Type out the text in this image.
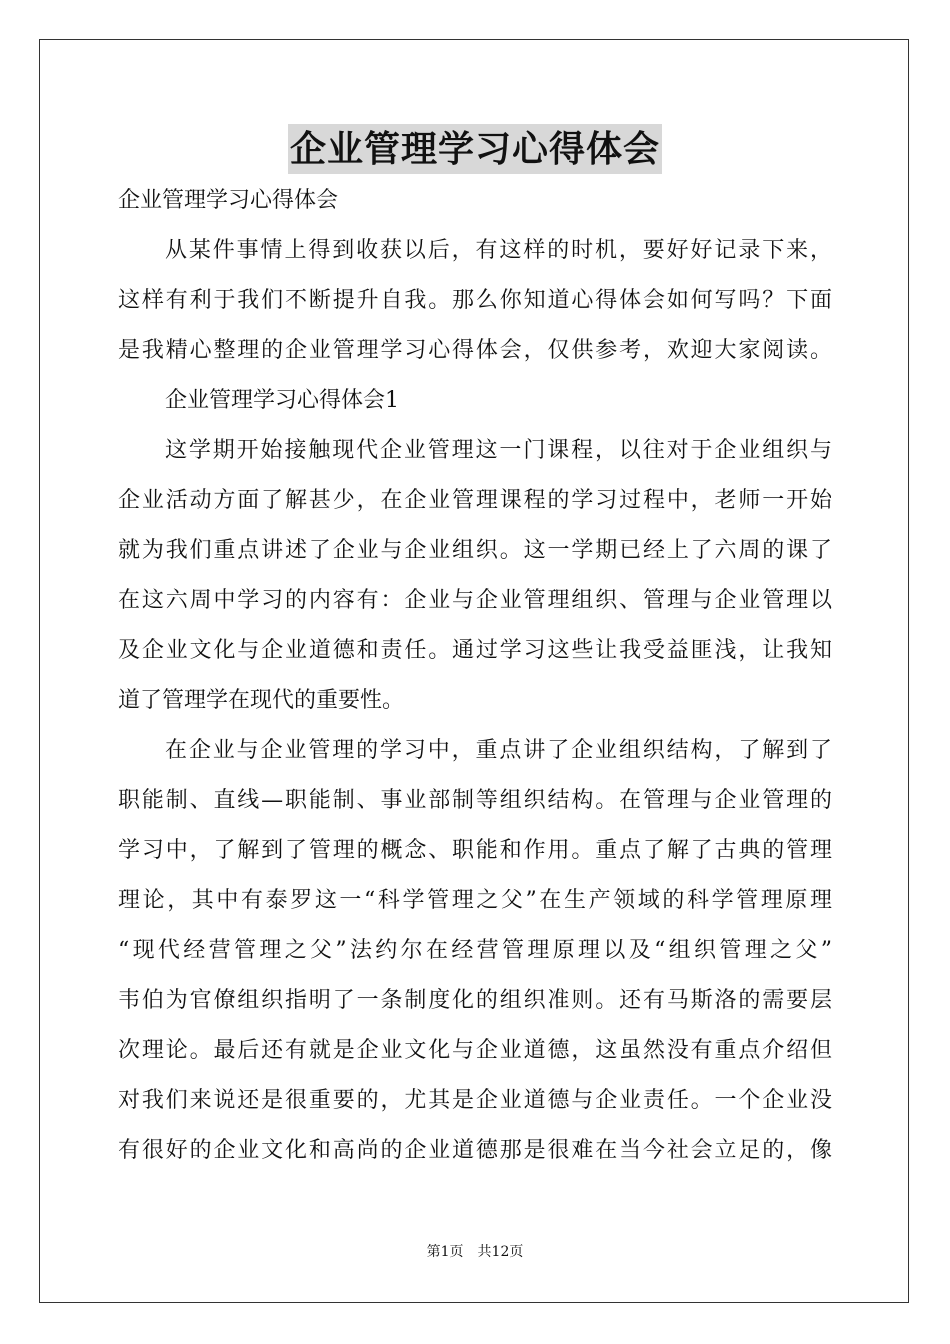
企业管理学习心得体会
企业管理学习心得体会
从某件事情上得到收获以后，有这样的时机，要好好记录下来，
这样有利于我们不断提升自我。那么你知道心得体会如何写吗？下面
是我精心整理的企业管理学习心得体会，仅供参考，欢迎大家阅读。
企业管理学习心得体会1
这学期开始接触现代企业管理这一门课程，以往对于企业组织与
企业活动方面了解甚少，在企业管理课程的学习过程中，老师一开始
就为我们重点讲述了企业与企业组织。这一学期已经上了六周的课了
在这六周中学习的内容有：企业与企业管理组织、管理与企业管理以
及企业文化与企业道德和责任。通过学习这些让我受益匪浅，让我知
道了管理学在现代的重要性。
在企业与企业管理的学习中，重点讲了企业组织结构，了解到了
职能制、直线—职能制、事业部制等组织结构。在管理与企业管理的
学习中，了解到了管理的概念、职能和作用。重点了解了古典的管理
理论，其中有泰罗这一“科学管理之父”在生产领域的科学管理原理
“现代经营管理之父”法约尔在经营管理原理以及“组织管理之父”
韦伯为官僚组织指明了一条制度化的组织准则。还有马斯洛的需要层
次理论。最后还有就是企业文化与企业道德，这虽然没有重点介绍但
对我们来说还是很重要的，尤其是企业道德与企业责任。一个企业没
有很好的企业文化和高尚的企业道德那是很难在当今社会立足的，像
第1页 共12页
